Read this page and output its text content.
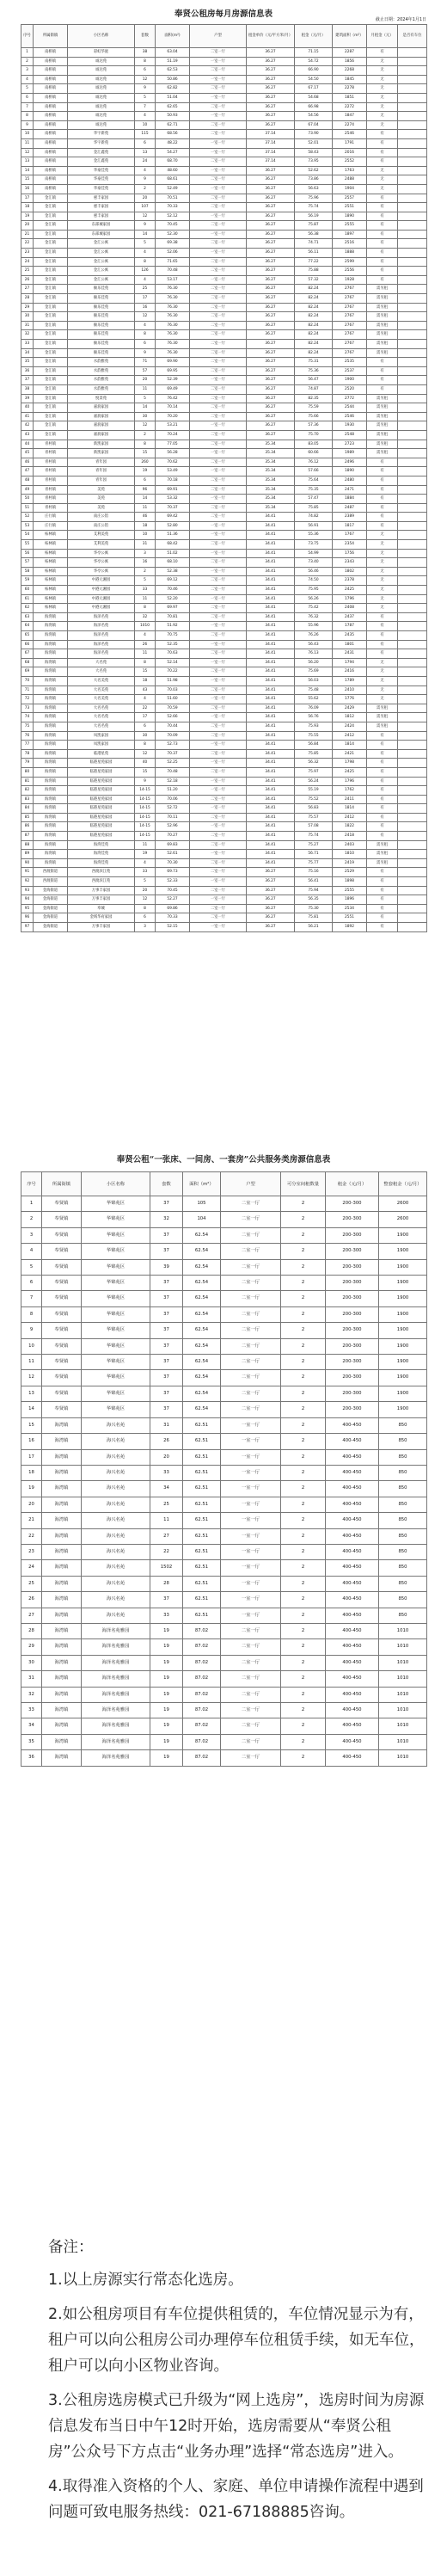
奉贤公租房每月房源信息表
截止日期：2024年1月1日
序号	所属街镇	小区名称	套数	面积(m²)	户型	租金单价（元/平方米/月）	租金（元/月）	建筑面积（m²）	月租金（元）	是否有车位
1	南桥镇	彩虹华庭	38	63.04	二室一厅	36.27	71.15	2287	有	
2	南桥镇	诚达苑	8	51.19	一室一厅	36.27	54.72	1856	无	
3	南桥镇	诚达苑	6	62.53	二室一厅	36.27	66.90	2268	无	
4	南桥镇	诚达苑	12	50.86	一室一厅	36.27	54.50	1845	无	
5	南桥镇	诚达苑	9	62.82	二室一厅	36.27	67.17	2278	无	
6	南桥镇	诚达苑	5	51.04	一室一厅	36.27	54.68	1851	无	
7	南桥镇	诚达苑	7	62.65	二室一厅	36.27	66.98	2272	无	
8	南桥镇	诚达苑	4	50.93	一室一厅	36.27	54.56	1847	无	
9	南桥镇	诚达苑	10	62.71	二室一厅	36.27	67.04	2274	无	
10	南桥镇	华宇新苑	115	68.56	二室一厅	37.14	73.90	2546	有	
11	南桥镇	华宇新苑	6	48.22	一室一厅	37.14	52.01	1791	有	
12	南桥镇	金汇鑫苑	13	54.27	一室一厅	37.14	58.43	2016	有	
13	南桥镇	金汇鑫苑	24	68.70	二室一厅	37.14	73.95	2552	有	
14	南桥镇	华豪佳苑	4	48.60	一室一厅	36.27	52.62	1763	无	
15	南桥镇	华豪佳苑	9	68.61	二室一厅	36.27	73.86	2488	无	
16	南桥镇	华豪佳苑	2	52.49	一室一厅	36.27	56.63	1904	无	
17	金汇镇	惠丰家园	20	70.51	二室一厅	36.27	75.96	2557	有	
18	金汇镇	惠丰家园	107	70.33	二室一厅	36.27	75.74	2551	有	
19	金汇镇	惠丰家园	12	52.12	一室一厅	36.27	56.19	1890	有	
20	金汇镇	东部城家园	9	70.45	二室一厅	36.27	75.87	2555	有	
21	金汇镇	东部城家园	14	52.30	一室一厅	36.27	56.38	1897	有	
22	金汇镇	金汇公寓	5	69.38	二室一厅	36.27	74.71	2516	有	
23	金汇镇	金汇公寓	4	52.06	一室一厅	36.27	56.11	1888	有	
24	金汇镇	金汇公寓	8	71.65	二室一厅	36.27	77.22	2599	有	
25	金汇镇	金汇公寓	126	70.48	二室一厅	36.27	75.88	2556	有	
26	金汇镇	金汇公寓	4	53.17	一室一厅	36.27	57.32	1928	有	
27	金汇镇	颐乐佳苑	25	76.30	二室一厅	36.27	82.24	2767	需另租	
28	金汇镇	颐乐佳苑	17	76.30	二室一厅	36.27	82.24	2767	需另租	
29	金汇镇	颐乐佳苑	16	76.30	二室一厅	36.27	82.24	2767	需另租	
30	金汇镇	颐乐佳苑	12	76.30	二室一厅	36.27	82.24	2767	需另租	
31	金汇镇	颐乐佳苑	4	76.30	二室一厅	36.27	82.24	2767	需另租	
32	金汇镇	颐乐佳苑	8	76.30	二室一厅	36.27	82.24	2767	需另租	
33	金汇镇	颐乐佳苑	6	76.30	二室一厅	36.27	82.24	2767	需另租	
34	金汇镇	颐乐佳苑	9	76.30	二室一厅	36.27	82.24	2767	需另租	
35	金汇镇	水韵雅苑	71	69.90	二室一厅	36.27	75.31	2535	有	
36	金汇镇	水韵雅苑	57	69.95	二室一厅	36.27	75.36	2537	有	
37	金汇镇	水韵雅苑	20	52.39	一室一厅	36.27	56.47	1900	有	
38	金汇镇	水韵雅苑	11	69.49	二室一厅	36.27	74.87	2520	有	
39	金汇镇	悦景苑	5	76.42	二室一厅	36.27	82.35	2772	需另租	
40	金汇镇	嘉润家园	14	70.14	二室一厅	36.27	75.59	2544	需另租	
41	金汇镇	嘉润家园	30	70.20	二室一厅	36.27	75.66	2546	需另租	
42	金汇镇	嘉润家园	12	53.21	一室一厅	36.27	57.36	1930	需另租	
43	金汇镇	嘉润家园	2	70.24	二室一厅	36.27	75.70	2548	需另租	
44	青村镇	新凯家园	8	77.05	二室一厅	35.34	83.05	2723	需另租	
45	青村镇	新凯家园	15	56.28	一室一厅	35.34	60.66	1989	需另租	
46	青村镇	青年园	260	70.62	二室一厅	35.34	76.12	2496	有	
47	青村镇	青年园	19	53.49	一室一厅	35.34	57.66	1890	有	
48	青村镇	青年园	6	70.18	二室一厅	35.34	75.64	2480	有	
49	青村镇	美苑	96	69.91	二室一厅	35.34	75.35	2471	有	
50	青村镇	美苑	14	53.32	一室一厅	35.34	57.47	1884	有	
51	青村镇	美苑	11	70.37	二室一厅	35.34	75.85	2487	有	
52	庄行镇	南庄公馆	46	69.42	二室一厅	34.41	74.82	2389	有	
53	庄行镇	南庄公馆	18	52.80	一室一厅	34.41	56.91	1817	有	
54	柘林镇	艾利美苑	10	51.36	一室一厅	34.41	55.36	1767	无	
55	柘林镇	艾利美苑	31	68.42	二室一厅	34.41	73.75	2354	无	
56	柘林镇	华亭公寓	3	51.02	一室一厅	34.41	54.99	1756	无	
57	柘林镇	华亭公寓	16	68.10	二室一厅	34.41	73.40	2343	无	
58	柘林镇	华亭公寓	2	52.38	一室一厅	34.41	56.46	1802	无	
59	柘林镇	中港元湘园	5	69.12	二室一厅	34.41	74.50	2378	无	
60	柘林镇	中港元湘园	33	70.46	二室一厅	34.41	75.95	2425	无	
61	柘林镇	中港元湘园	11	52.20	一室一厅	34.41	56.26	1796	无	
62	柘林镇	中港元湘园	8	69.97	二室一厅	34.41	75.42	2408	无	
63	海湾镇	海泽名苑	32	70.81	二室一厅	34.41	76.32	2437	有	
64	海湾镇	海泽名苑	1010	51.92	一室一厅	34.41	55.96	1787	有	
65	海湾镇	海泽名苑	4	70.75	二室一厅	34.41	76.26	2435	有	
66	海湾镇	海泽名苑	26	52.35	一室一厅	34.41	56.43	1801	有	
67	海湾镇	海泽名苑	11	70.63	二室一厅	34.41	76.13	2431	有	
68	海湾镇	大名苑	8	52.14	一室一厅	34.41	56.20	1794	无	
69	海湾镇	大名苑	15	70.22	二室一厅	34.41	75.69	2416	无	
70	海湾镇	大名美苑	18	51.98	一室一厅	34.41	56.03	1789	无	
71	海湾镇	大名美苑	43	70.03	二室一厅	34.41	75.48	2410	无	
72	海湾镇	大名美苑	4	51.60	一室一厅	34.41	55.62	1776	无	
73	海湾镇	大名名苑	22	70.59	二室一厅	34.41	76.09	2429	需另租	
74	海湾镇	大名名苑	17	52.66	一室一厅	34.41	56.76	1812	需另租	
75	海湾镇	大名名苑	6	70.44	二室一厅	34.41	75.93	2424	需另租	
76	海湾镇	凤凯家园	30	70.09	二室一厅	34.41	75.55	2412	有	
77	海湾镇	凤凯家园	8	52.73	一室一厅	34.41	56.84	1814	有	
78	海湾镇	临港星苑	12	70.37	二室一厅	34.41	75.85	2421	有	
79	海湾镇	临港星苑家园	40	52.25	一室一厅	34.41	56.32	1798	有	
80	海湾镇	临港星苑家园	15	70.48	二室一厅	34.41	75.97	2425	有	
81	海湾镇	临港星苑家园	9	52.18	一室一厅	34.41	56.24	1796	有	
82	海湾镇	临港星苑家园	14-15	51.20	一室一厅	34.41	55.19	1762	有	
83	海湾镇	临港星苑家园	14-15	70.06	二室一厅	34.41	75.52	2411	有	
84	海湾镇	临港星苑家园	14-15	52.72	一室一厅	34.41	56.83	1814	有	
85	海湾镇	临港星苑家园	14-15	70.11	二室一厅	34.41	75.57	2412	有	
86	海湾镇	临港星苑家园	14-15	52.96	一室一厅	34.41	57.08	1822	有	
87	海湾镇	临港星苑家园	14-15	70.27	二室一厅	34.41	75.74	2418	有	
88	海湾镇	海湾佳苑	11	69.83	二室一厅	34.41	75.27	2403	需另租	
89	海湾镇	海湾佳苑	19	52.61	一室一厅	34.41	56.71	1810	需另租	
90	海湾镇	海湾佳苑	4	70.30	二室一厅	34.41	75.77	2419	需另租	
91	西渡街道	西渡滨江苑	33	69.73	二室一厅	36.27	75.16	2529	有	
92	西渡街道	西渡滨江苑	5	52.33	一室一厅	36.27	56.41	1898	有	
93	金海街道	万事丰家园	20	70.45	二室一厅	36.27	75.94	2555	有	
94	金海街道	万事丰家园	12	52.27	一室一厅	36.27	56.35	1896	有	
95	金海街道	奉城	8	69.86	二室一厅	36.27	75.30	2534	有	
96	金海街道	金域华府家园	6	70.33	二室一厅	36.27	75.81	2551	有	
97	金海街道	万事丰家园	3	52.15	一室一厅	36.27	56.21	1892	有	
奉贤公租“一张床、一间房、一套房”公共服务类房源信息表
序号	所属街镇	小区名称	套数	面积（m²）	户型	可分室间租数量	租金（元/月）	整套租金（元/月）
1	奉贤镇	华锦苑区	37	105	二室一厅	2	200-300	2600
2	奉贤镇	华锦苑区	32	104	二室一厅	2	200-300	2600
3	奉贤镇	华锦苑区	37	62.54	二室一厅	2	200-300	1900
4	奉贤镇	华锦苑区	37	62.54	二室一厅	2	200-300	1900
5	奉贤镇	华锦苑区	39	62.54	二室一厅	2	200-300	1900
6	奉贤镇	华锦苑区	37	62.54	二室一厅	2	200-300	1900
7	奉贤镇	华锦苑区	37	62.54	二室一厅	2	200-300	1900
8	奉贤镇	华锦苑区	37	62.54	二室一厅	2	200-300	1900
9	奉贤镇	华锦苑区	37	62.54	二室一厅	2	200-300	1900
10	奉贤镇	华锦苑区	37	62.54	二室一厅	2	200-300	1900
11	奉贤镇	华锦苑区	37	62.54	二室一厅	2	200-300	1900
12	奉贤镇	华锦苑区	37	62.54	二室一厅	2	200-300	1900
13	奉贤镇	华锦苑区	37	62.54	二室一厅	2	200-300	1900
14	奉贤镇	华锦苑区	37	62.54	二室一厅	2	200-300	1900
15	海湾镇	海兴名苑	31	62.51	一室一厅	2	400-450	850
16	海湾镇	海兴名苑	26	62.51	一室一厅	2	400-450	850
17	海湾镇	海兴名苑	20	62.51	一室一厅	2	400-450	850
18	海湾镇	海兴名苑	33	62.51	一室一厅	2	400-450	850
19	海湾镇	海兴名苑	34	62.51	一室一厅	2	400-450	850
20	海湾镇	海兴名苑	25	62.51	一室一厅	2	400-450	850
21	海湾镇	海兴名苑	11	62.51	一室一厅	2	400-450	850
22	海湾镇	海兴名苑	27	62.51	一室一厅	2	400-450	850
23	海湾镇	海兴名苑	22	62.51	一室一厅	2	400-450	850
24	海湾镇	海兴名苑	1502	62.51	一室一厅	2	400-450	850
25	海湾镇	海兴名苑	28	62.51	一室一厅	2	400-450	850
26	海湾镇	海兴名苑	37	62.51	一室一厅	2	400-450	850
27	海湾镇	海兴名苑	33	62.51	一室一厅	2	400-450	850
28	海湾镇	海泽名苑雅园	19	87.02	二室一厅	2	400-450	1010
29	海湾镇	海泽名苑雅园	19	87.02	二室一厅	2	400-450	1010
30	海湾镇	海泽名苑雅园	19	87.02	二室一厅	2	400-450	1010
31	海湾镇	海泽名苑雅园	19	87.02	二室一厅	2	400-450	1010
32	海湾镇	海泽名苑雅园	19	87.02	二室一厅	2	400-450	1010
33	海湾镇	海泽名苑雅园	19	87.02	二室一厅	2	400-450	1010
34	海湾镇	海泽名苑雅园	19	87.02	二室一厅	2	400-450	1010
35	海湾镇	海泽名苑雅园	19	87.02	二室一厅	2	400-450	1010
36	海湾镇	海泽名苑雅园	19	87.02	二室一厅	2	400-450	1010

备注：

1.以上房源实行常态化选房。

2.如公租房项目有车位提供租赁的，车位情况显示为有，租户可以向公租房公司办理停车位租赁手续，如无车位，租户可以向小区物业咨询。

3.公租房选房模式已升级为“网上选房”，选房时间为房源信息发布当日中午12时开始，选房需要从“奉贤公租房”公众号下方点击“业务办理”选择“常态选房”进入。

4.取得准入资格的个人、家庭、单位申请操作流程中遇到问题可致电服务热线：021-67188885咨询。
